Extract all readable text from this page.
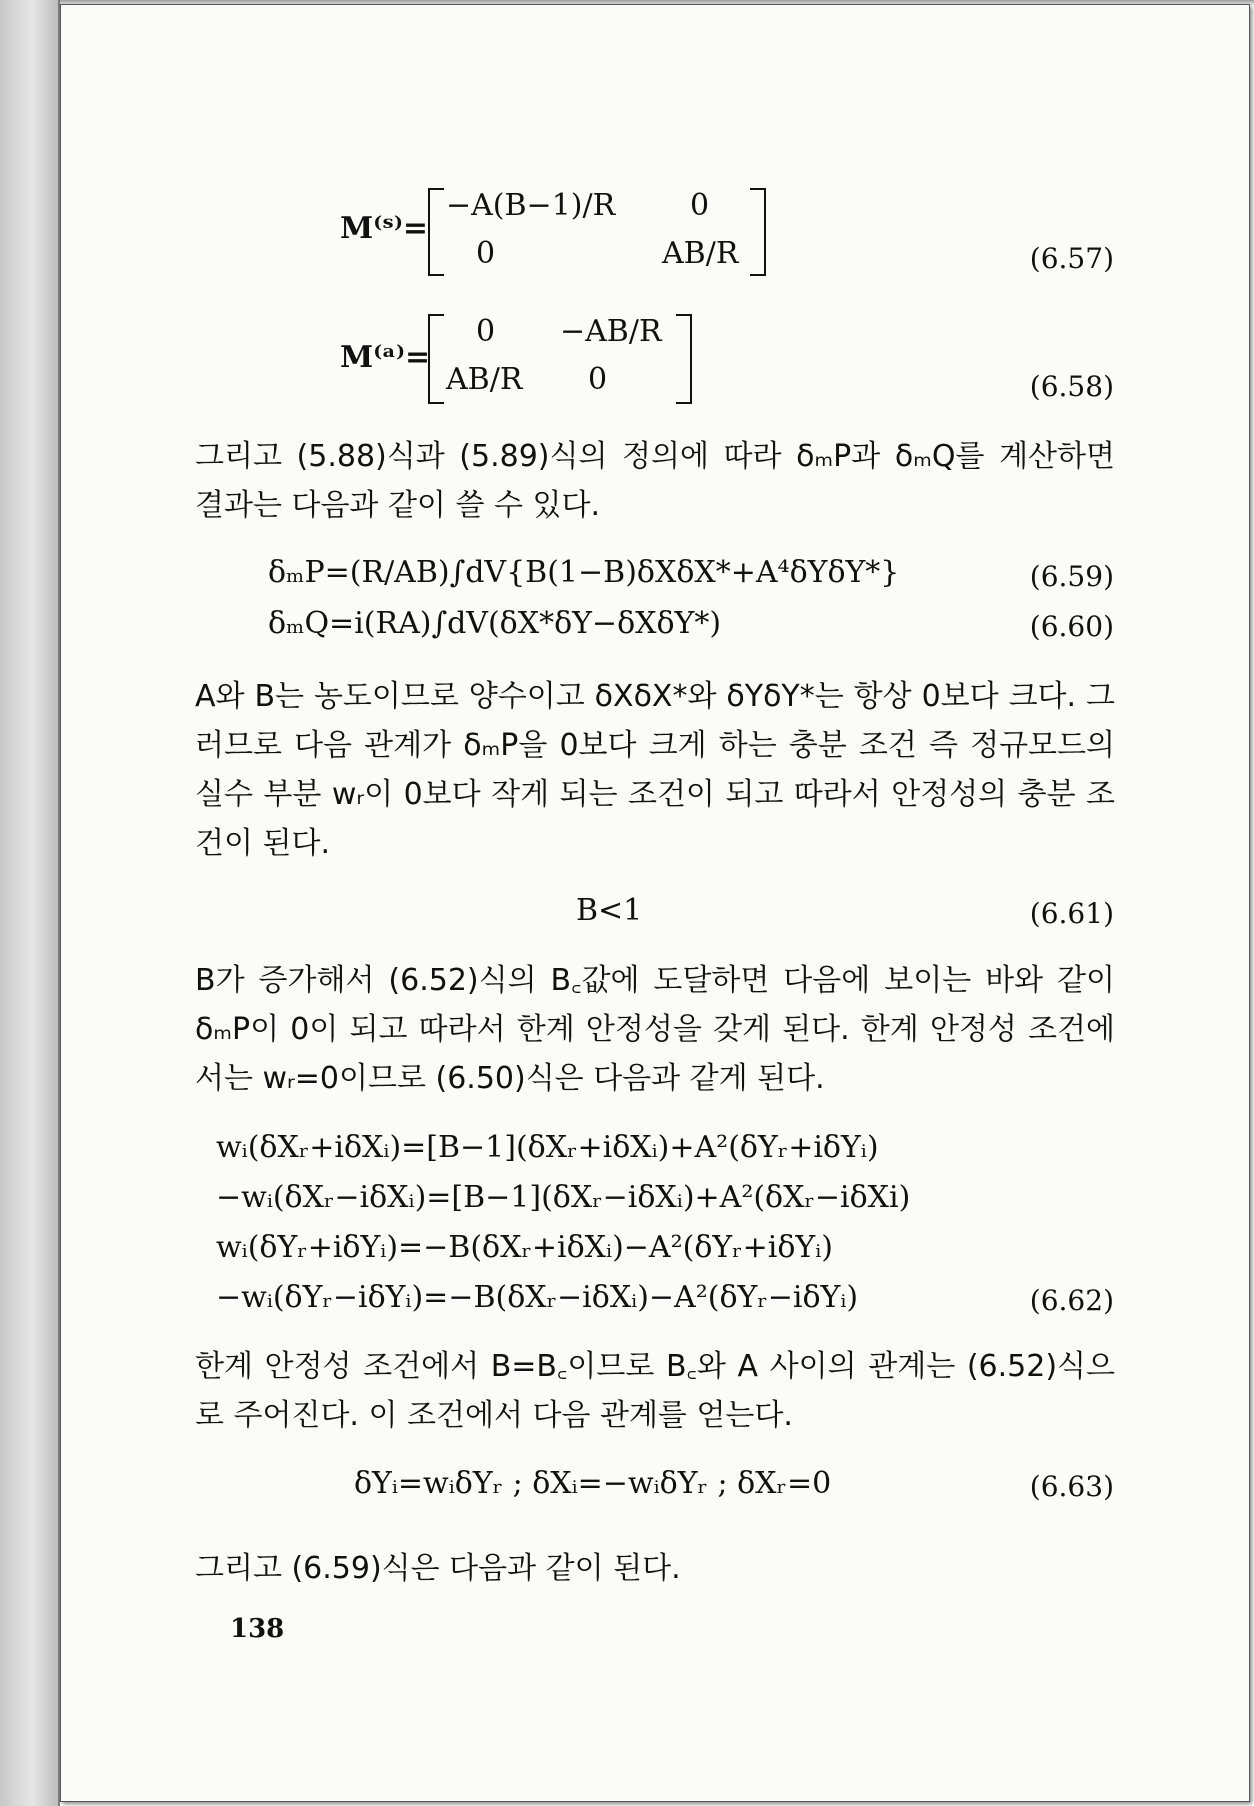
M⁽ˢ⁾=
−A(B−1)/R 0
0	AB/R	(6.57)
M⁽ᵃ⁾=
0 −AB/R
AB/R 0	(6.58)

그리고 (5.88)식과 (5.89)식의 정의에 따라 δₘP과 δₘQ를 계산하면 결과는 다음과 같이 쓸 수 있다.

δₘP=(R/AB)∫dV{B(1−B)δXδX*+A⁴δYδY*}	(6.59)
δₘQ=i(RA)∫dV(δX*δY−δXδY*)	(6.60)

A와 B는 농도이므로 양수이고 δXδX*와 δYδY*는 항상 0보다 크다. 그러므로 다음 관계가 δₘP을 0보다 크게 하는 충분 조건 즉 정규모드의 실수 부분 wᵣ이 0보다 작게 되는 조건이 되고 따라서 안정성의 충분 조건이 된다.

B<1	(6.61)

B가 증가해서 (6.52)식의 B꜀값에 도달하면 다음에 보이는 바와 같이 δₘP이 0이 되고 따라서 한계 안정성을 갖게 된다. 한계 안정성 조건에서는 wᵣ=0이므로 (6.50)식은 다음과 같게 된다.

wᵢ(δXᵣ+iδXᵢ)=[B−1](δXᵣ+iδXᵢ)+A²(δYᵣ+iδYᵢ)
−wᵢ(δXᵣ−iδXᵢ)=[B−1](δXᵣ−iδXᵢ)+A²(δXᵣ−iδXi)
wᵢ(δYᵣ+iδYᵢ)=−B(δXᵣ+iδXᵢ)−A²(δYᵣ+iδYᵢ)
−wᵢ(δYᵣ−iδYᵢ)=−B(δXᵣ−iδXᵢ)−A²(δYᵣ−iδYᵢ)	(6.62)

한계 안정성 조건에서 B=B꜀이므로 B꜀와 A 사이의 관계는 (6.52)식으로 주어진다. 이 조건에서 다음 관계를 얻는다.

δYᵢ=wᵢδYᵣ ; δXᵢ=−wᵢδYᵣ ; δXᵣ=0	(6.63)

그리고 (6.59)식은 다음과 같이 된다.

138
